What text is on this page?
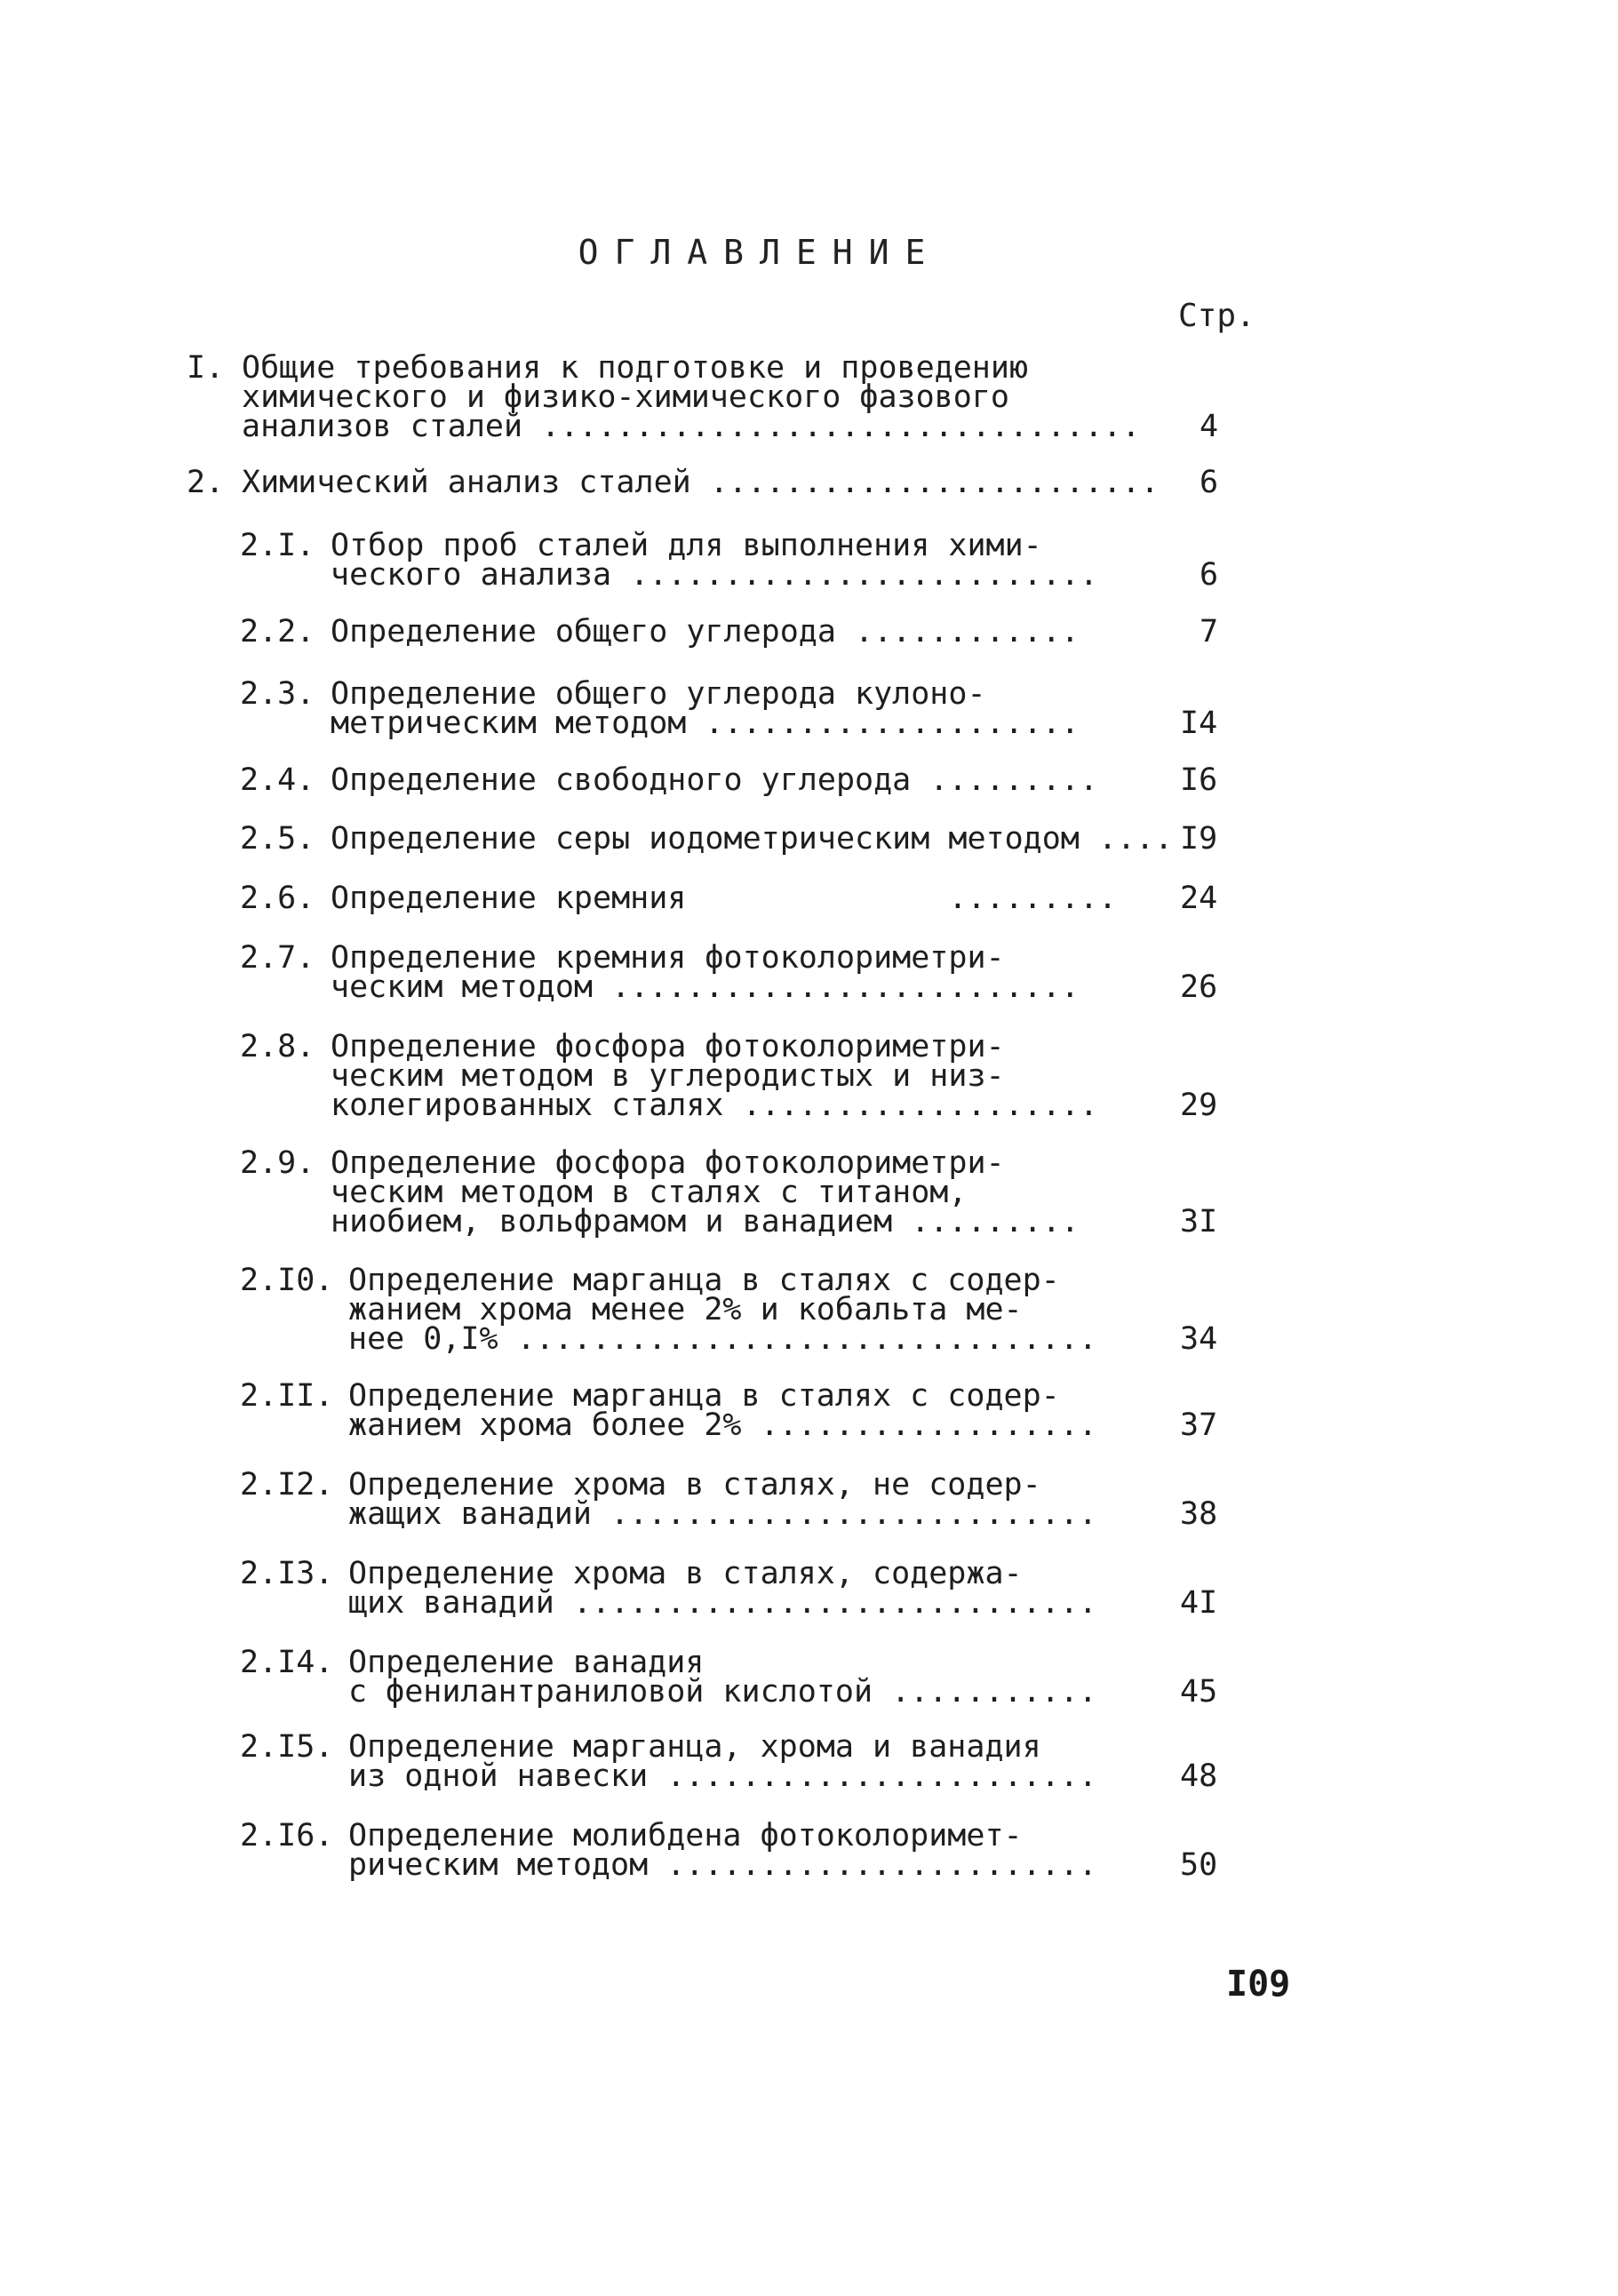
ОГЛАВЛЕНИЕ
Стр.
I. Общие требования к подготовке и проведению
химического и физико-химического фазового
анализов сталей ................................ 4
2. Химический анализ сталей ........................ 6
2.I. Отбор проб сталей для выполнения хими-
ческого анализа .........................	6
2.2. Определение общего углерода ............	7
2.3. Определение общего углерода кулоно-
метрическим методом ....................	I4
2.4. Определение свободного углерода .........	I6
2.5. Определение серы иодометрическим методом .... I9
2.6. Определение кремния              ......... 24
2.7. Определение кремния фотоколориметри-
ческим методом .........................	26
2.8. Определение фосфора фотоколориметри-
ческим методом в углеродистых и низ-
колегированных сталях ...................	29
2.9. Определение фосфора фотоколориметри-
ческим методом в сталях с титаном,
ниобием, вольфрамом и ванадием .........	3I
2.I0. Определение марганца в сталях с содер-
жанием хрома менее 2% и кобальта ме-
нее 0,I% ...............................	34
2.II. Определение марганца в сталях с содер-
жанием хрома более 2% ..................	37
2.I2. Определение хрома в сталях, не содер-
жащих ванадий ..........................	38
2.I3. Определение хрома в сталях, содержа-
щих ванадий ............................	4I
2.I4. Определение ванадия
с фенилантраниловой кислотой ...........	45
2.I5. Определение марганца, хрома и ванадия
из одной навески .......................	48
2.I6. Определение молибдена фотоколоримет-
рическим методом .......................	50
I09
